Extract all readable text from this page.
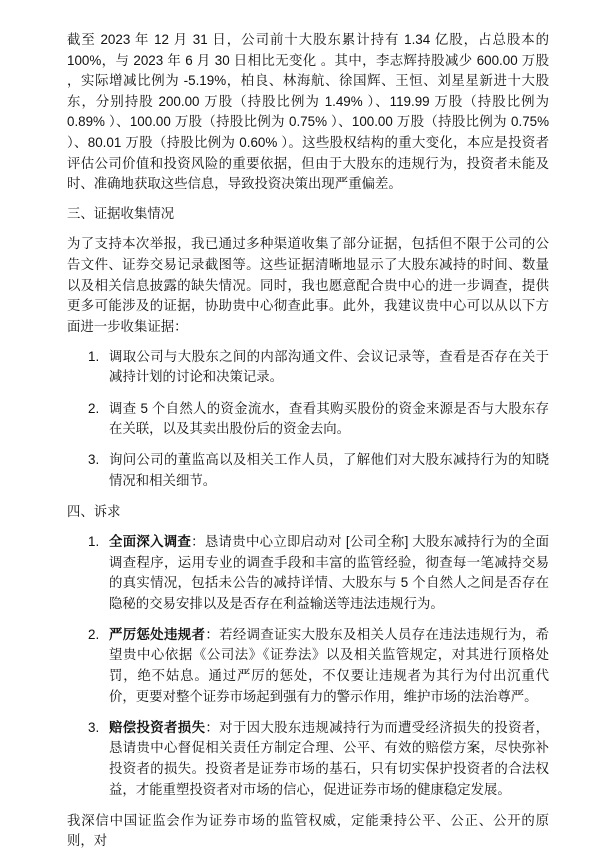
截至 2023 年 12 月 31 日，公司前十大股东累计持有 1.34 亿股，占总股本的 100%，与 2023 年 6 月 30 日相比无变化 。其中，李志辉持股减少 600.00 万股 ，实际增减比例为 -5.19%，柏良、林海航、徐国辉、王恒、刘星星新进十大股东，分别持股 200.00 万股（持股比例为 1.49% ）、119.99 万股（持股比例为 0.89% ）、100.00 万股（持股比例为 0.75% ）、100.00 万股（持股比例为 0.75% ）、80.01 万股（持股比例为 0.60% ）。这些股权结构的重大变化，本应是投资者评估公司价值和投资风险的重要依据，但由于大股东的违规行为，投资者未能及时、准确地获取这些信息，导致投资决策出现严重偏差。

三、证据收集情况

为了支持本次举报，我已通过多种渠道收集了部分证据，包括但不限于公司的公告文件、证券交易记录截图等。这些证据清晰地显示了大股东减持的时间、数量以及相关信息披露的缺失情况。同时，我也愿意配合贵中心的进一步调查，提供更多可能涉及的证据，协助贵中心彻查此事。此外，我建议贵中心可以从以下方面进一步收集证据：

1. 调取公司与大股东之间的内部沟通文件、会议记录等，查看是否存在关于减持计划的讨论和决策记录。
2. 调查 5 个自然人的资金流水，查看其购买股份的资金来源是否与大股东存在关联，以及其卖出股份后的资金去向。
3. 询问公司的董监高以及相关工作人员，了解他们对大股东减持行为的知晓情况和相关细节。
四、诉求
1. 全面深入调查：恳请贵中心立即启动对 [公司全称] 大股东减持行为的全面调查程序，运用专业的调查手段和丰富的监管经验，彻查每一笔减持交易的真实情况，包括未公告的减持详情、大股东与 5 个自然人之间是否存在隐秘的交易安排以及是否存在利益输送等违法违规行为。
2. 严厉惩处违规者：若经调查证实大股东及相关人员存在违法违规行为，希望贵中心依据《公司法》《证券法》以及相关监管规定，对其进行顶格处罚，绝不姑息。通过严厉的惩处，不仅要让违规者为其行为付出沉重代价，更要对整个证券市场起到强有力的警示作用，维护市场的法治尊严。
3. 赔偿投资者损失：对于因大股东违规减持行为而遭受经济损失的投资者，恳请贵中心督促相关责任方制定合理、公平、有效的赔偿方案，尽快弥补投资者的损失。投资者是证券市场的基石，只有切实保护投资者的合法权益，才能重塑投资者对市场的信心，促进证券市场的健康稳定发展。

我深信中国证监会作为证券市场的监管权威，定能秉持公平、公正、公开的原则，对
